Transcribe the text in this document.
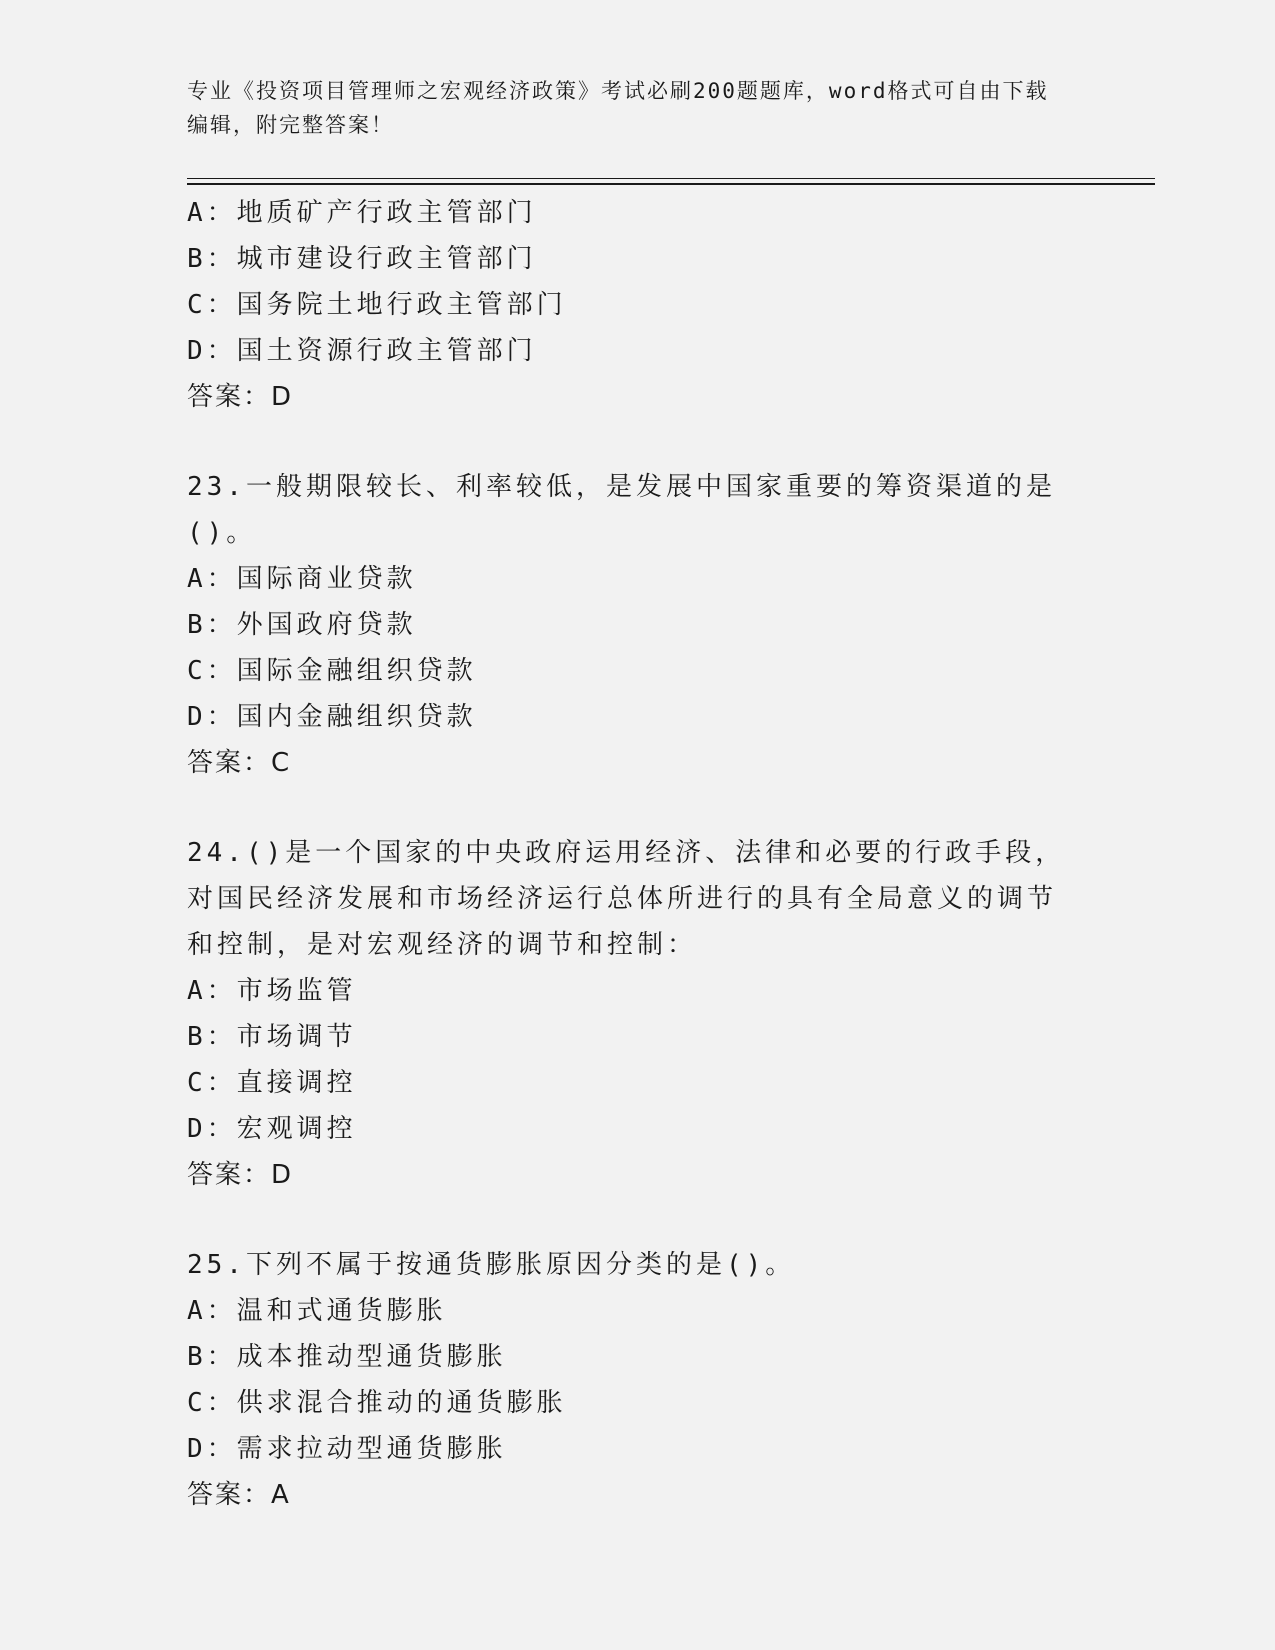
专业《投资项目管理师之宏观经济政策》考试必刷200题题库，word格式可自由下载编辑，附完整答案！
A：地质矿产行政主管部门
B：城市建设行政主管部门
C：国务院土地行政主管部门
D：国土资源行政主管部门
答案：D
23.一般期限较长、利率较低，是发展中国家重要的筹资渠道的是()。
A：国际商业贷款
B：外国政府贷款
C：国际金融组织贷款
D：国内金融组织贷款
答案：C
24.()是一个国家的中央政府运用经济、法律和必要的行政手段，对国民经济发展和市场经济运行总体所进行的具有全局意义的调节和控制，是对宏观经济的调节和控制：
A：市场监管
B：市场调节
C：直接调控
D：宏观调控
答案：D
25.下列不属于按通货膨胀原因分类的是()。
A：温和式通货膨胀
B：成本推动型通货膨胀
C：供求混合推动的通货膨胀
D：需求拉动型通货膨胀
答案：A
